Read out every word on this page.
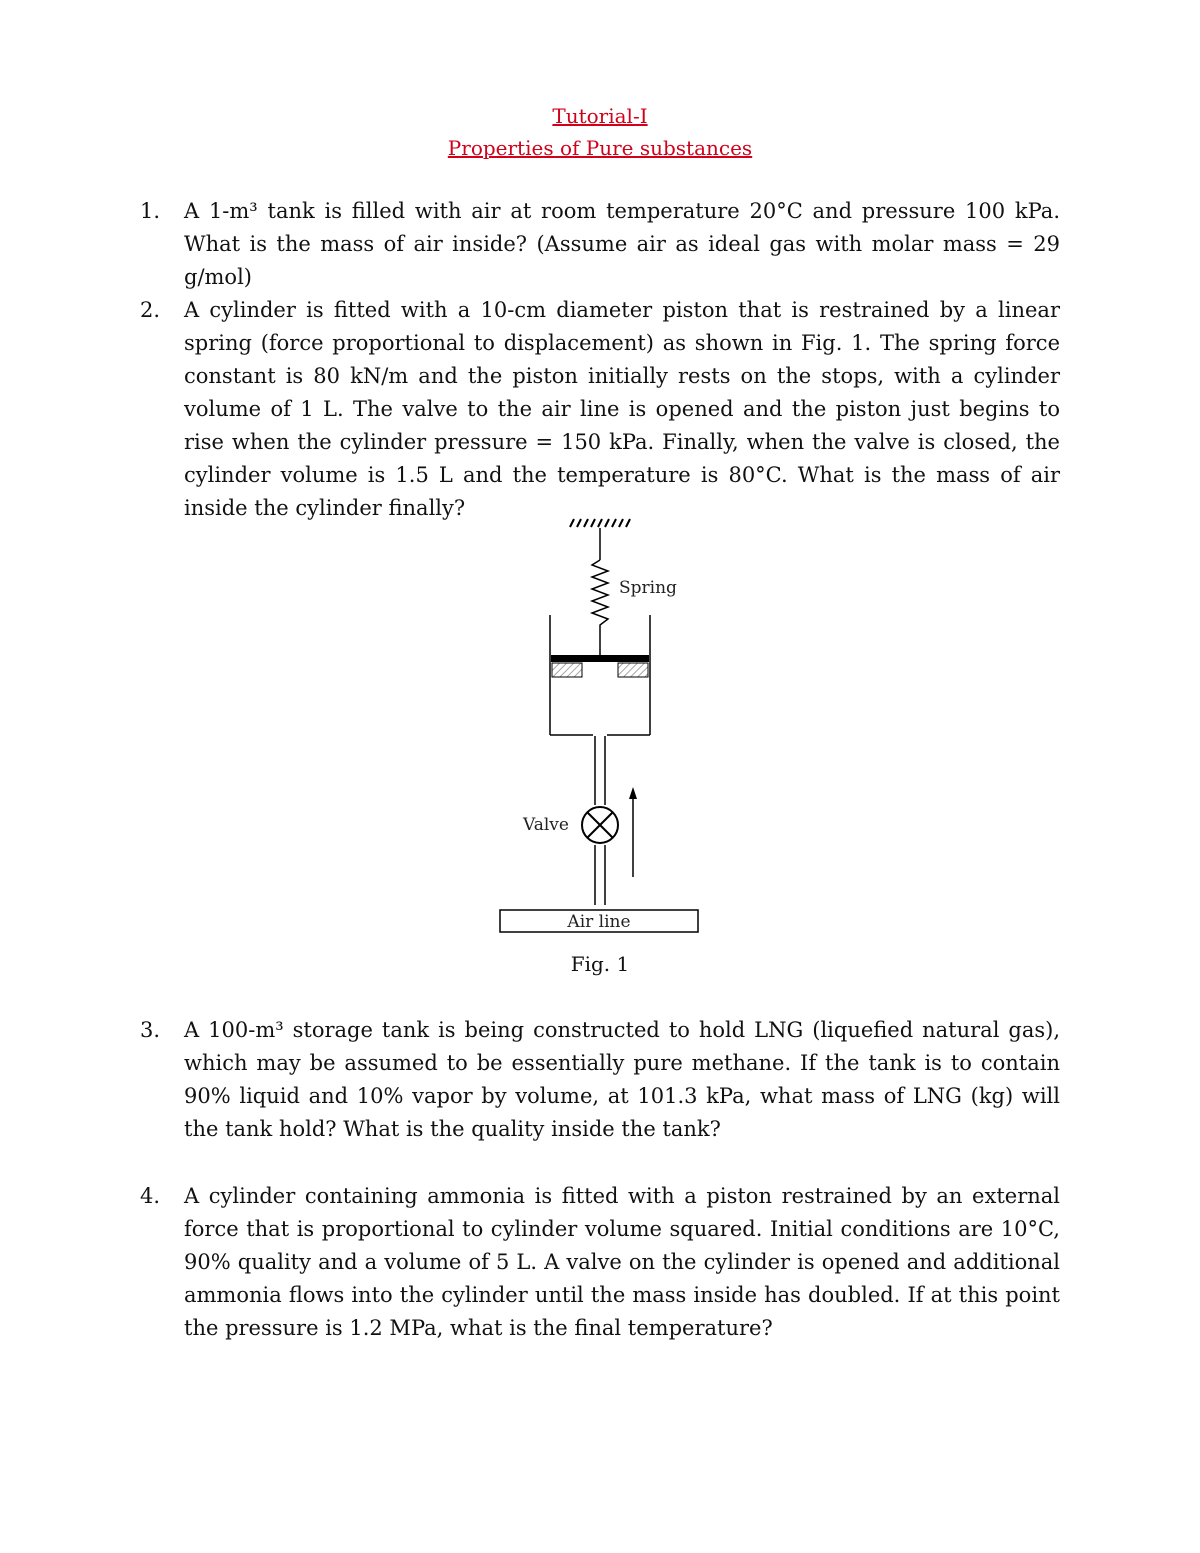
Tutorial-I
Properties of Pure substances
1.	A 1-m³ tank is filled with air at room temperature 20°C and pressure 100 kPa. What is the mass of air inside? (Assume air as ideal gas with molar mass = 29 g/mol)
2.	A cylinder is fitted with a 10-cm diameter piston that is restrained by a linear spring (force proportional to displacement) as shown in Fig. 1. The spring force constant is 80 kN/m and the piston initially rests on the stops, with a cylinder volume of 1 L. The valve to the air line is opened and the piston just begins to rise when the cylinder pressure = 150 kPa. Finally, when the valve is closed, the cylinder volume is 1.5 L and the temperature is 80°C. What is the mass of air inside the cylinder finally?
Spring
Valve
Air line
Fig. 1
3.	A 100-m³ storage tank is being constructed to hold LNG (liquefied natural gas), which may be assumed to be essentially pure methane. If the tank is to contain 90% liquid and 10% vapor by volume, at 101.3 kPa, what mass of LNG (kg) will the tank hold? What is the quality inside the tank?
4.	A cylinder containing ammonia is fitted with a piston restrained by an external force that is proportional to cylinder volume squared. Initial conditions are 10°C, 90% quality and a volume of 5 L. A valve on the cylinder is opened and additional ammonia flows into the cylinder until the mass inside has doubled. If at this point the pressure is 1.2 MPa, what is the final temperature?
